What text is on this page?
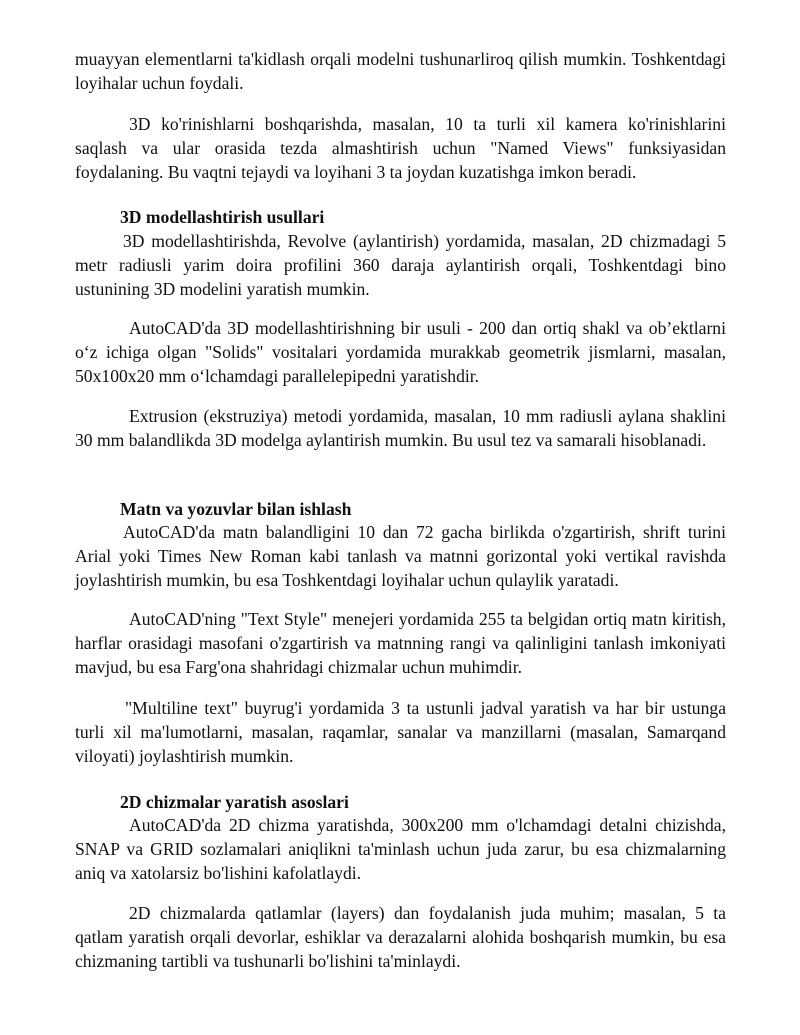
muayyan elementlarni ta'kidlash orqali modelni tushunarliroq qilish mumkin. Toshkentdagi loyihalar uchun foydali.

3D ko'rinishlarni boshqarishda, masalan, 10 ta turli xil kamera ko'rinishlarini saqlash va ular orasida tezda almashtirish uchun "Named Views" funksiyasidan foydalaning. Bu vaqtni tejaydi va loyihani 3 ta joydan kuzatishga imkon beradi.

3D modellashtirish usullari

3D modellashtirishda, Revolve (aylantirish) yordamida, masalan, 2D chizmadagi 5 metr radiusli yarim doira profilini 360 daraja aylantirish orqali, Toshkentdagi bino ustunining 3D modelini yaratish mumkin.

AutoCAD'da 3D modellashtirishning bir usuli - 200 dan ortiq shakl va ob’ektlarni o‘z ichiga olgan "Solids" vositalari yordamida murakkab geometrik jismlarni, masalan, 50x100x20 mm o‘lchamdagi parallelepipedni yaratishdir.

Extrusion (ekstruziya) metodi yordamida, masalan, 10 mm radiusli aylana shaklini 30 mm balandlikda 3D modelga aylantirish mumkin. Bu usul tez va samarali hisoblanadi.

Matn va yozuvlar bilan ishlash

AutoCAD'da matn balandligini 10 dan 72 gacha birlikda o'zgartirish, shrift turini Arial yoki Times New Roman kabi tanlash va matnni gorizontal yoki vertikal ravishda joylashtirish mumkin, bu esa Toshkentdagi loyihalar uchun qulaylik yaratadi.

AutoCAD'ning "Text Style" menejeri yordamida 255 ta belgidan ortiq matn kiritish, harflar orasidagi masofani o'zgartirish va matnning rangi va qalinligini tanlash imkoniyati mavjud, bu esa Farg'ona shahridagi chizmalar uchun muhimdir.

"Multiline text" buyrug'i yordamida 3 ta ustunli jadval yaratish va har bir ustunga turli xil ma'lumotlarni, masalan, raqamlar, sanalar va manzillarni (masalan, Samarqand viloyati) joylashtirish mumkin.

2D chizmalar yaratish asoslari

AutoCAD'da 2D chizma yaratishda, 300x200 mm o'lchamdagi detalni chizishda, SNAP va GRID sozlamalari aniqlikni ta'minlash uchun juda zarur, bu esa chizmalarning aniq va xatolarsiz bo'lishini kafolatlaydi.

2D chizmalarda qatlamlar (layers) dan foydalanish juda muhim; masalan, 5 ta qatlam yaratish orqali devorlar, eshiklar va derazalarni alohida boshqarish mumkin, bu esa chizmaning tartibli va tushunarli bo'lishini ta'minlaydi.
